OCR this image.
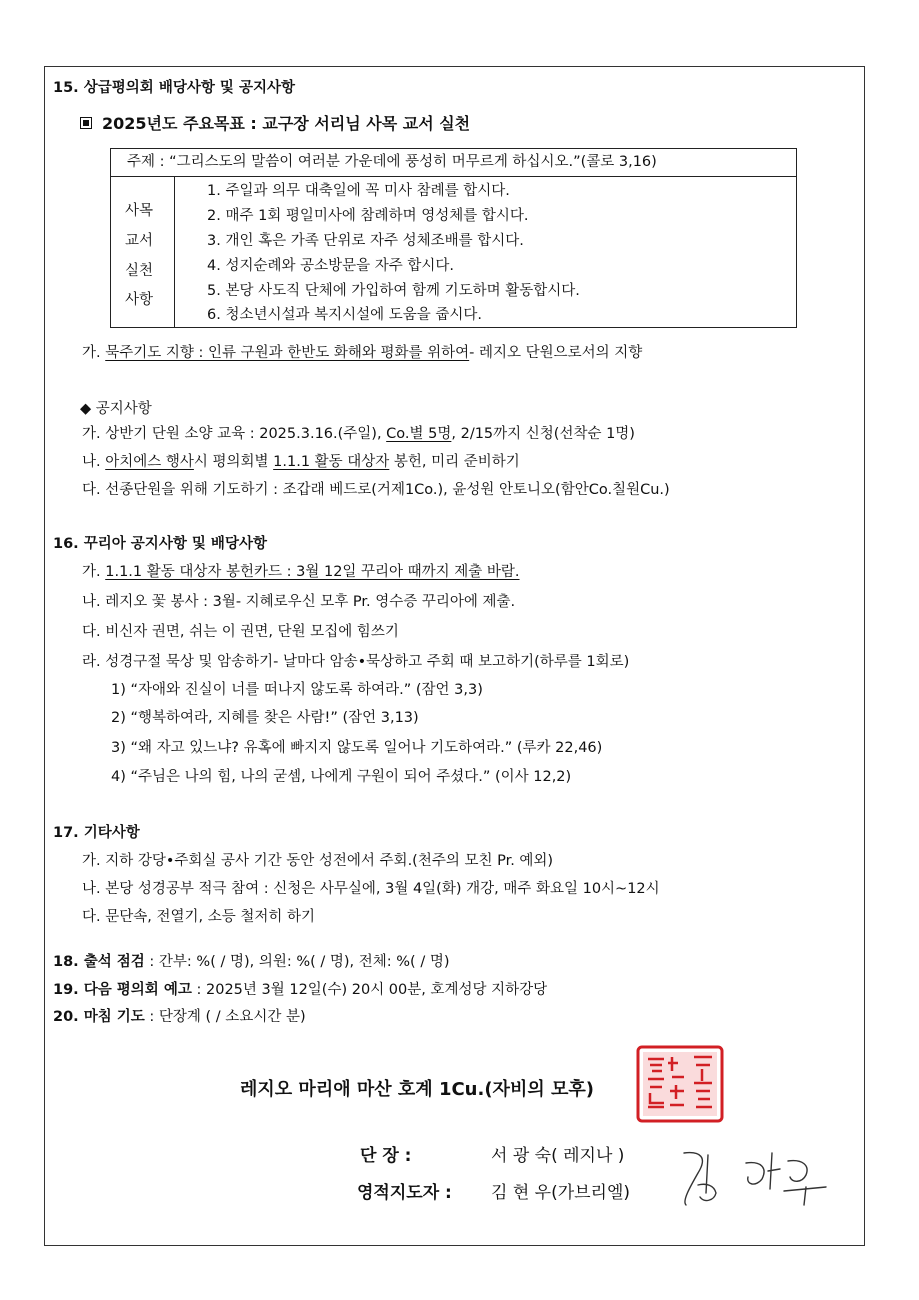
15. 상급평의회 배당사항 및 공지사항
2025년도 주요목표 : 교구장 서리님 사목 교서 실천
주제 : “그리스도의 말씀이 여러분 가운데에 풍성히 머무르게 하십시오.”(콜로 3,16)
사목
교서
실천
사항
1. 주일과 의무 대축일에 꼭 미사 참례를 합시다.
2. 매주 1회 평일미사에 참례하며 영성체를 합시다.
3. 개인 혹은 가족 단위로 자주 성체조배를 합시다.
4. 성지순례와 공소방문을 자주 합시다.
5. 본당 사도직 단체에 가입하여 함께 기도하며 활동합시다.
6. 청소년시설과 복지시설에 도움을 줍시다.
가. 묵주기도 지향 : 인류 구원과 한반도 화해와 평화를 위하여- 레지오 단원으로서의 지향
◆ 공지사항
가. 상반기 단원 소양 교육 : 2025.3.16.(주일), Co.별 5명, 2/15까지 신청(선착순 1명)
나. 아치에스 행사시 평의회별 1.1.1 활동 대상자 봉헌, 미리 준비하기
다. 선종단원을 위해 기도하기 : 조갑래 베드로(거제1Co.), 윤성원 안토니오(함안Co.칠원Cu.)
16. 꾸리아 공지사항 및 배당사항
가. 1.1.1 활동 대상자 봉헌카드 : 3월 12일 꾸리아 때까지 제출 바람.
나. 레지오 꽃 봉사 : 3월- 지혜로우신 모후 Pr. 영수증 꾸리아에 제출.
다. 비신자 권면, 쉬는 이 권면, 단원 모집에 힘쓰기
라. 성경구절 묵상 및 암송하기- 날마다 암송•묵상하고 주회 때 보고하기(하루를 1회로)
1) “자애와 진실이 너를 떠나지 않도록 하여라.” (잠언 3,3)
2) “행복하여라, 지혜를 찾은 사람!” (잠언 3,13)
3) “왜 자고 있느냐? 유혹에 빠지지 않도록 일어나 기도하여라.” (루카 22,46)
4) “주님은 나의 힘, 나의 굳셈, 나에게 구원이 되어 주셨다.” (이사 12,2)
17. 기타사항
가. 지하 강당•주회실 공사 기간 동안 성전에서 주회.(천주의 모친 Pr. 예외)
나. 본당 성경공부 적극 참여 : 신청은 사무실에, 3월 4일(화) 개강, 매주 화요일 10시~12시
다. 문단속, 전열기, 소등 철저히 하기
18. 출석 점검 : 간부: %( / 명), 의원: %( / 명), 전체: %( / 명)
19. 다음 평의회 예고 : 2025년 3월 12일(수) 20시 00분, 호계성당 지하강당
20. 마침 기도 : 단장계 ( / 소요시간 분)
레지오 마리애 마산 호계 1Cu.(자비의 모후)
단 장 :	서 광 숙( 레지나 )
영적지도자 : 김 현 우(가브리엘)
